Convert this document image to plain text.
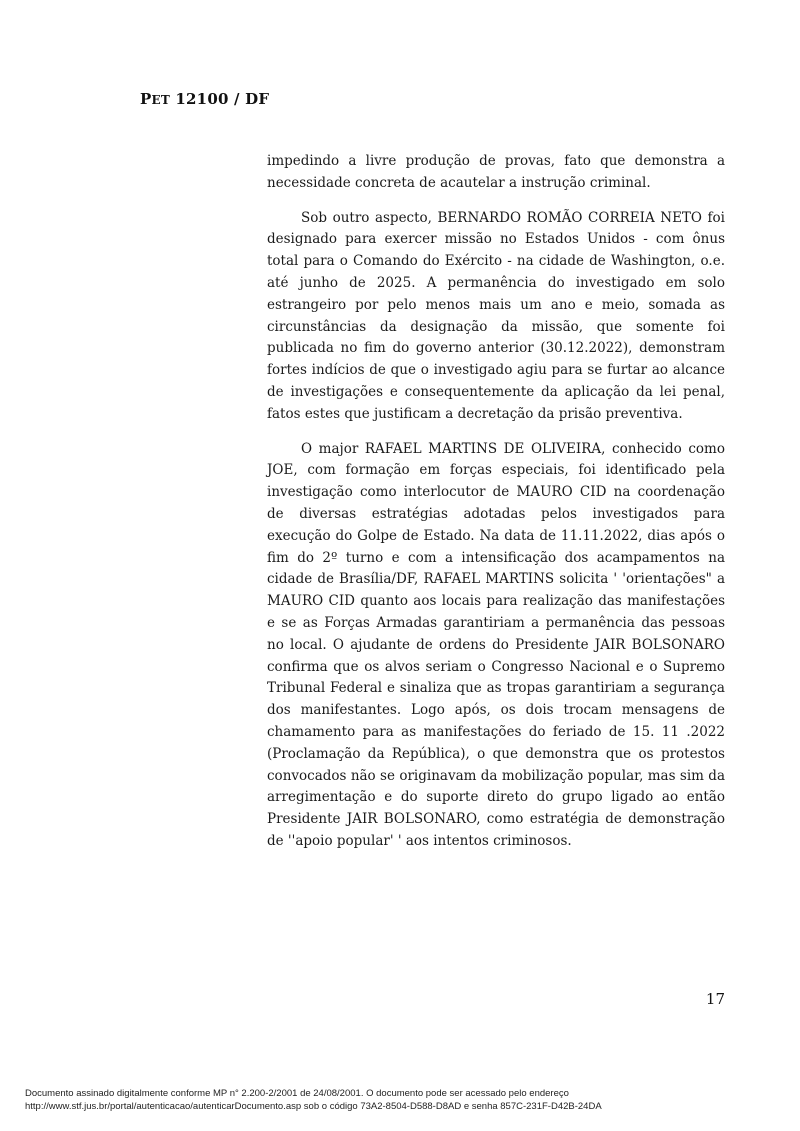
PET 12100 / DF

impedindo a livre produção de provas, fato que demonstra a necessidade concreta de acautelar a instrução criminal.

Sob outro aspecto, BERNARDO ROMÃO CORREIA NETO foi designado para exercer missão no Estados Unidos - com ônus total para o Comando do Exército - na cidade de Washington, o.e. até junho de 2025. A permanência do investigado em solo estrangeiro por pelo menos mais um ano e meio, somada as circunstâncias da designação da missão, que somente foi publicada no fim do governo anterior (30.12.2022), demonstram fortes indícios de que o investigado agiu para se furtar ao alcance de investigações e consequentemente da aplicação da lei penal, fatos estes que justificam a decretação da prisão preventiva.

O major RAFAEL MARTINS DE OLIVEIRA, conhecido como JOE, com formação em forças especiais, foi identificado pela investigação como interlocutor de MAURO CID na coordenação de diversas estratégias adotadas pelos investigados para execução do Golpe de Estado. Na data de 11.11.2022, dias após o fim do 2º turno e com a intensificação dos acampamentos na cidade de Brasília/DF, RAFAEL MARTINS solicita ' 'orientações" a MAURO CID quanto aos locais para realização das manifestações e se as Forças Armadas garantiriam a permanência das pessoas no local. O ajudante de ordens do Presidente JAIR BOLSONARO confirma que os alvos seriam o Congresso Nacional e o Supremo Tribunal Federal e sinaliza que as tropas garantiriam a segurança dos manifestantes. Logo após, os dois trocam mensagens de chamamento para as manifestações do feriado de 15. 11 .2022 (Proclamação da República), o que demonstra que os protestos convocados não se originavam da mobilização popular, mas sim da arregimentação e do suporte direto do grupo ligado ao então Presidente JAIR BOLSONARO, como estratégia de demonstração de ''apoio popular' ' aos intentos criminosos.

17
Documento assinado digitalmente conforme MP n° 2.200-2/2001 de 24/08/2001. O documento pode ser acessado pelo endereço
http://www.stf.jus.br/portal/autenticacao/autenticarDocumento.asp sob o código 73A2-8504-D588-D8AD e senha 857C-231F-D42B-24DA
